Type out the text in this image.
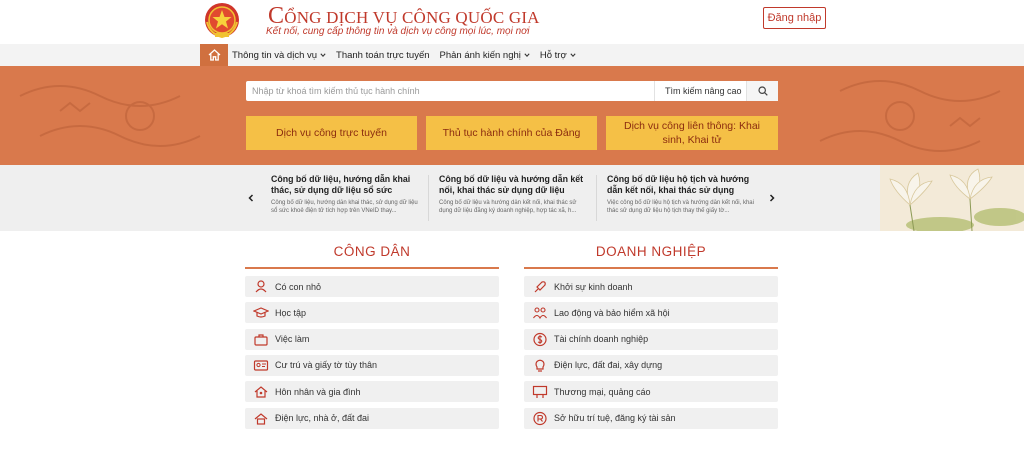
CỔNG DỊCH VỤ CÔNG QUỐC GIA
Kết nối, cung cấp thông tin và dịch vụ công mọi lúc, mọi nơi
Đăng nhập
Thông tin và dịch vụ Thanh toán trực tuyến Phản ánh kiến nghị Hỗ trợ
Nhập từ khoá tìm kiếm thủ tục hành chính
Tìm kiếm nâng cao
Dịch vụ công trực tuyến	Thủ tục hành chính của Đảng
Dịch vụ công liên thông: Khai sinh, Khai tử
Công bố dữ liệu, hướng dẫn khai thác, sử dụng dữ liệu sổ sức
Công bố dữ liệu, hướng dẫn khai thác, sử dụng dữ liệu sổ sức khoẻ điện tử tích hợp trên VNeID thay...
Công bố dữ liệu và hướng dẫn kết nối, khai thác sử dụng dữ liệu
Công bố dữ liệu và hướng dẫn kết nối, khai thác sử dụng dữ liệu đăng ký doanh nghiệp, hợp tác xã, h...
Công bố dữ liệu hộ tịch và hướng dẫn kết nối, khai thác sử dụng
Việc công bố dữ liệu hộ tịch và hướng dẫn kết nối, khai thác sử dụng dữ liệu hộ tịch thay thế giấy tờ...
CÔNG DÂN	DOANH NGHIỆP
Có con nhỏ
Học tập
Việc làm
Cư trú và giấy tờ tùy thân
Hôn nhân và gia đình
Điện lực, nhà ở, đất đai
Khởi sự kinh doanh
Lao động và bảo hiểm xã hội
Tài chính doanh nghiệp
Điện lực, đất đai, xây dựng
Thương mại, quảng cáo
Sở hữu trí tuệ, đăng ký tài sản
